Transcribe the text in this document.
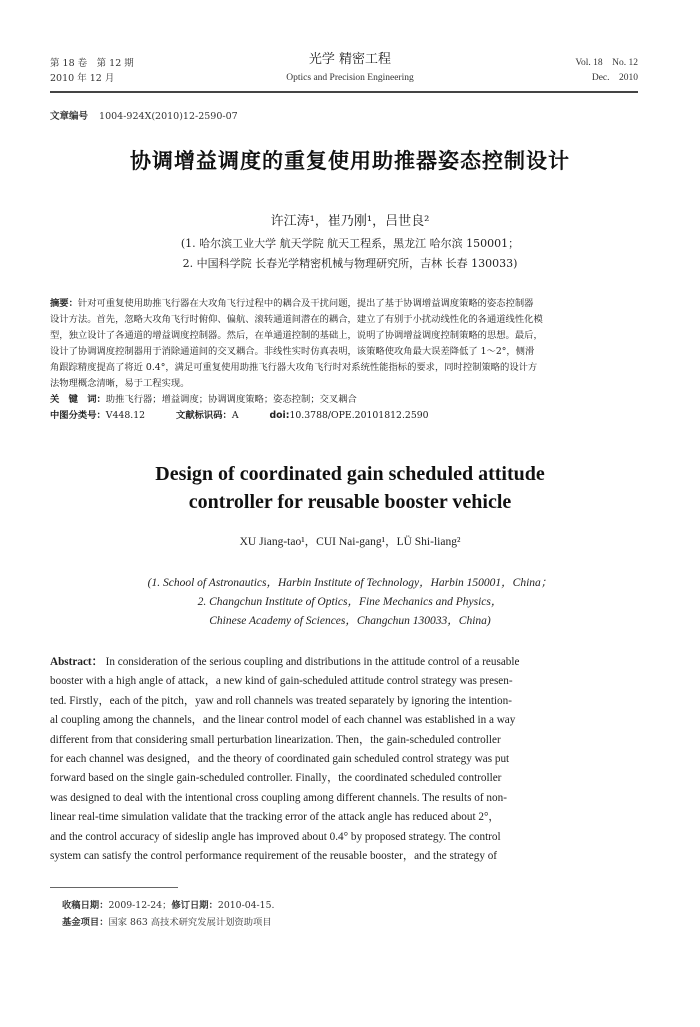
第 18 卷　第 12 期
2010 年 12 月
光学 精密工程
Optics and Precision Engineering
Vol. 18　No. 12
Dec.　2010
文章编号 1004-924X(2010)12-2590-07
协调增益调度的重复使用助推器姿态控制设计
许江涛¹，崔乃刚¹，吕世良²
(1. 哈尔滨工业大学 航天学院 航天工程系，黑龙江 哈尔滨 150001；
2. 中国科学院 长春光学精密机械与物理研究所，吉林 长春 130033)
摘要：针对可重复使用助推飞行器在大攻角飞行过程中的耦合及干扰问题，提出了基于协调增益调度策略的姿态控制器
设计方法。首先，忽略大攻角飞行时俯仰、偏航、滚转通道间潜在的耦合，建立了有别于小扰动线性化的各通道线性化模
型，独立设计了各通道的增益调度控制器。然后，在单通道控制的基础上，说明了协调增益调度控制策略的思想。最后，
设计了协调调度控制器用于消除通道间的交叉耦合。非线性实时仿真表明，该策略使攻角最大误差降低了 1～2°，侧滑
角跟踪精度提高了将近 0.4°，满足可重复使用助推飞行器大攻角飞行时对系统性能指标的要求，同时控制策略的设计方
法物理概念清晰，易于工程实现。
关　键　词：助推飞行器；增益调度；协调调度策略；姿态控制；交叉耦合
中图分类号：V448.12	文献标识码：A	doi:10.3788/OPE.20101812.2590
Design of coordinated gain scheduled attitude
controller for reusable booster vehicle
XU Jiang-tao¹，CUI Nai-gang¹，LÜ Shi-liang²
(1. School of Astronautics，Harbin Institute of Technology，Harbin 150001，China；
2. Changchun Institute of Optics，Fine Mechanics and Physics，
Chinese Academy of Sciences，Changchun 130033，China)
Abstract： In consideration of the serious coupling and distributions in the attitude control of a reusable
booster with a high angle of attack，a new kind of gain-scheduled attitude control strategy was presen-
ted. Firstly，each of the pitch，yaw and roll channels was treated separately by ignoring the intention-
al coupling among the channels，and the linear control model of each channel was established in a way
different from that considering small perturbation linearization. Then，the gain-scheduled controller
for each channel was designed，and the theory of coordinated gain scheduled control strategy was put
forward based on the single gain-scheduled controller. Finally，the coordinated scheduled controller
was designed to deal with the intentional cross coupling among different channels. The results of non-
linear real-time simulation validate that the tracking error of the attack angle has reduced about 2°，
and the control accuracy of sideslip angle has improved about 0.4° by proposed strategy. The control
system can satisfy the control performance requirement of the reusable booster，and the strategy of
收稿日期：2009-12-24；修订日期：2010-04-15.
基金项目：国家 863 高技术研究发展计划资助项目
